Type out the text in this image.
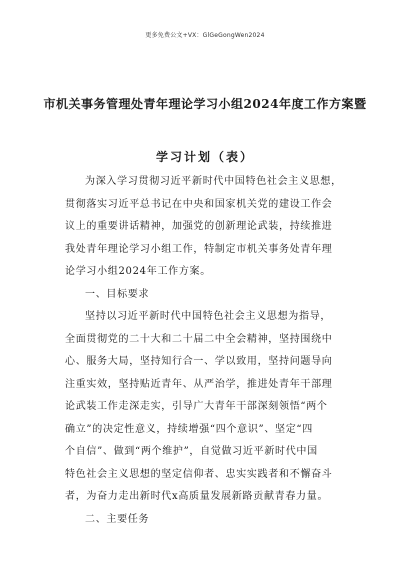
更多免费公文+VX：GlGeGongWen2024
市机关事务管理处青年理论学习小组2024年度工作方案暨
学习计划（表）
为深入学习贯彻习近平新时代中国特色社会主义思想，
贯彻落实习近平总书记在中央和国家机关党的建设工作会
议上的重要讲话精神，加强党的创新理论武装，持续推进
我处青年理论学习小组工作，特制定市机关事务处青年理
论学习小组2024年工作方案。
一、目标要求
坚持以习近平新时代中国特色社会主义思想为指导，
全面贯彻党的二十大和二十届二中全会精神，坚持围绕中
心、服务大局，坚持知行合一、学以致用，坚持问题导向
注重实效，坚持贴近青年、从严治学，推进处青年干部理
论武装工作走深走实，引导广大青年干部深刻领悟“两个
确立”的决定性意义，持续增强“四个意识”、坚定“四
个自信”、做到“两个维护”，自觉做习近平新时代中国
特色社会主义思想的坚定信仰者、忠实实践者和不懈奋斗
者，为奋力走出新时代x高质量发展新路贡献青春力量。
二、主要任务
